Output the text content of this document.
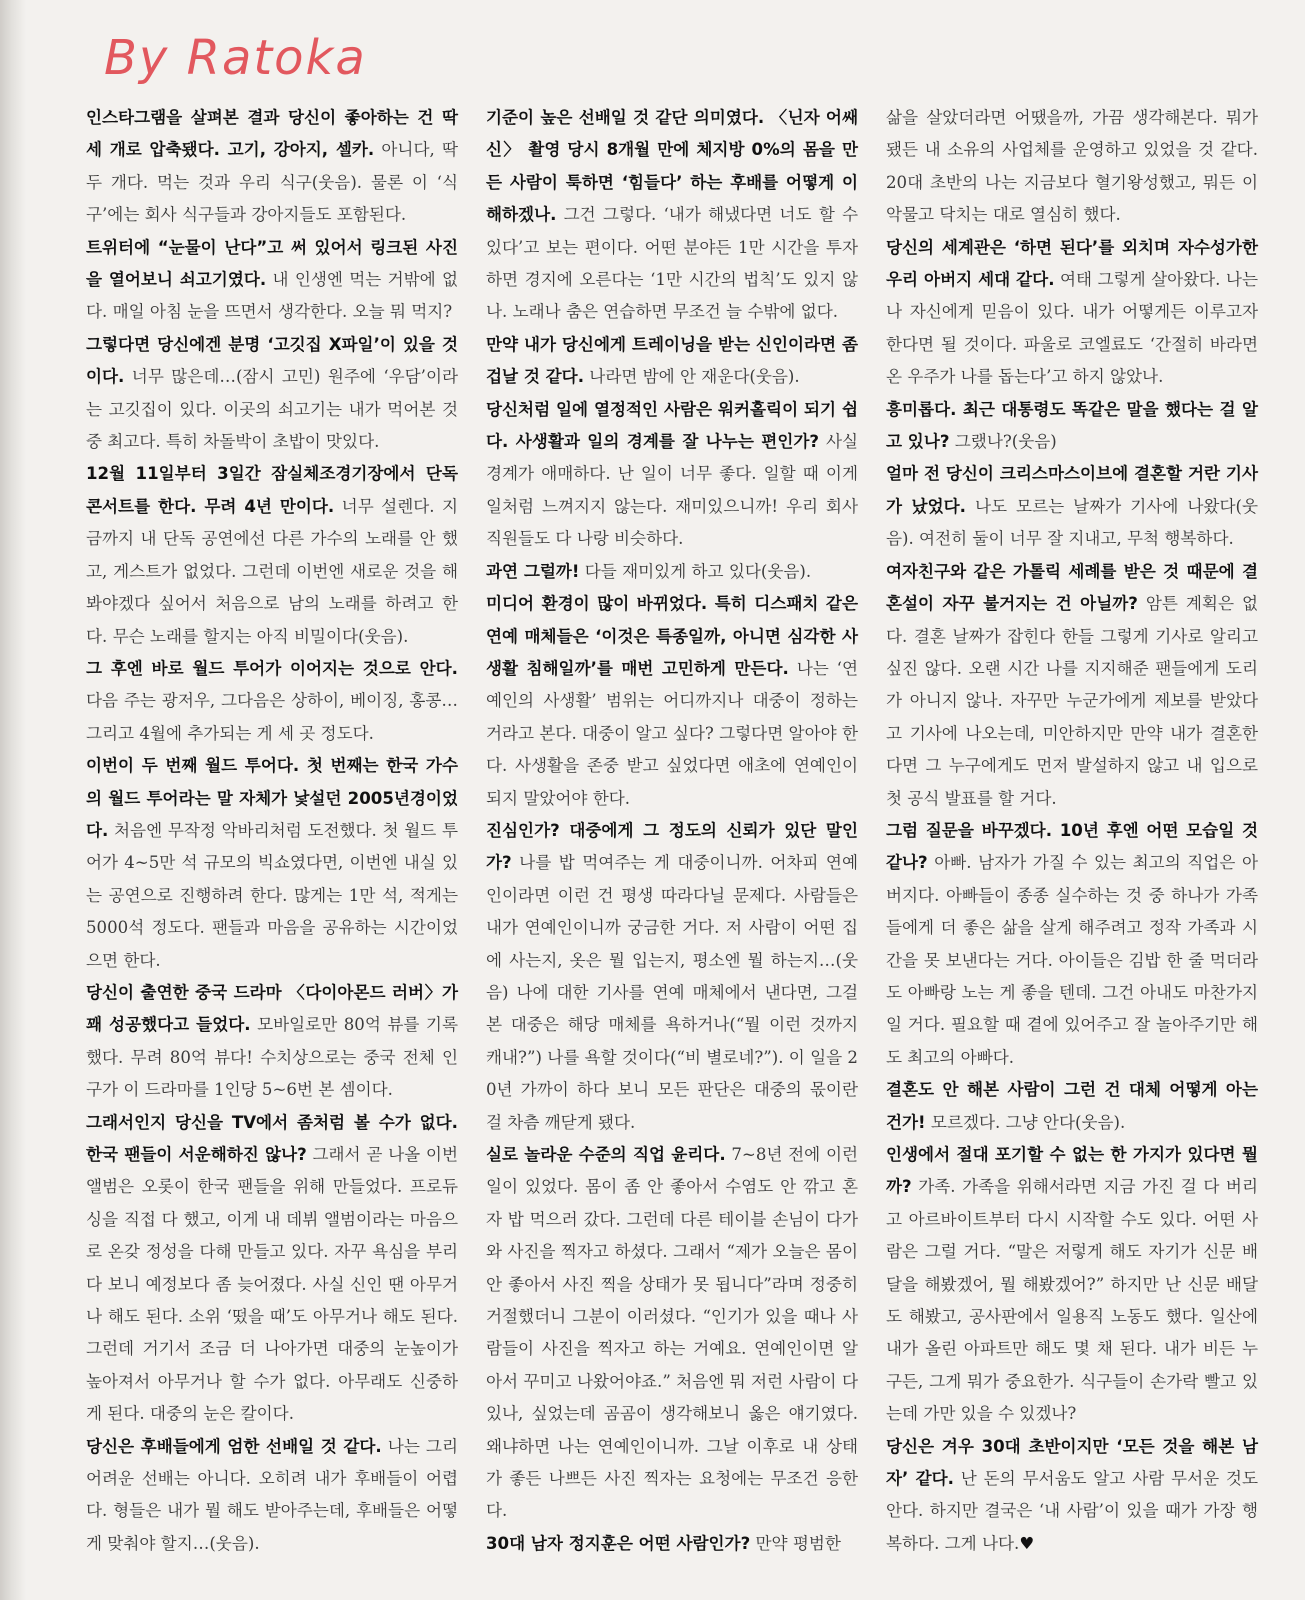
By Ratoka

인스타그램을 살펴본 결과 당신이 좋아하는 건 딱 세 개로 압축됐다. 고기, 강아지, 셀카. 아니다, 딱 두 개다. 먹는 것과 우리 식구(웃음). 물론 이 ‘식구’에는 회사 식구들과 강아지들도 포함된다.

트위터에 “눈물이 난다”고 써 있어서 링크된 사진을 열어보니 쇠고기였다. 내 인생엔 먹는 거밖에 없다. 매일 아침 눈을 뜨면서 생각한다. 오늘 뭐 먹지?

그렇다면 당신에겐 분명 ‘고깃집 X파일’이 있을 것이다. 너무 많은데…(잠시 고민) 원주에 ‘우담’이라는 고깃집이 있다. 이곳의 쇠고기는 내가 먹어본 것 중 최고다. 특히 차돌박이 초밥이 맛있다.

12월 11일부터 3일간 잠실체조경기장에서 단독 콘서트를 한다. 무려 4년 만이다. 너무 설렌다. 지금까지 내 단독 공연에선 다른 가수의 노래를 안 했고, 게스트가 없었다. 그런데 이번엔 새로운 것을 해봐야겠다 싶어서 처음으로 남의 노래를 하려고 한다. 무슨 노래를 할지는 아직 비밀이다(웃음).

그 후엔 바로 월드 투어가 이어지는 것으로 안다. 다음 주는 광저우, 그다음은 상하이, 베이징, 홍콩… 그리고 4월에 추가되는 게 세 곳 정도다.

이번이 두 번째 월드 투어다. 첫 번째는 한국 가수의 월드 투어라는 말 자체가 낯설던 2005년경이었다. 처음엔 무작정 악바리처럼 도전했다. 첫 월드 투어가 4~5만 석 규모의 빅쇼였다면, 이번엔 내실 있는 공연으로 진행하려 한다. 많게는 1만 석, 적게는 5000석 정도다. 팬들과 마음을 공유하는 시간이었으면 한다.

당신이 출연한 중국 드라마 〈다이아몬드 러버〉가 꽤 성공했다고 들었다. 모바일로만 80억 뷰를 기록했다. 무려 80억 뷰다! 수치상으로는 중국 전체 인구가 이 드라마를 1인당 5~6번 본 셈이다.

그래서인지 당신을 TV에서 좀처럼 볼 수가 없다. 한국 팬들이 서운해하진 않나? 그래서 곧 나올 이번 앨범은 오롯이 한국 팬들을 위해 만들었다. 프로듀싱을 직접 다 했고, 이게 내 데뷔 앨범이라는 마음으로 온갖 정성을 다해 만들고 있다. 자꾸 욕심을 부리다 보니 예정보다 좀 늦어졌다. 사실 신인 땐 아무거나 해도 된다. 소위 ‘떴을 때’도 아무거나 해도 된다. 그런데 거기서 조금 더 나아가면 대중의 눈높이가 높아져서 아무거나 할 수가 없다. 아무래도 신중하게 된다. 대중의 눈은 칼이다.

당신은 후배들에게 엄한 선배일 것 같다. 나는 그리 어려운 선배는 아니다. 오히려 내가 후배들이 어렵다. 형들은 내가 뭘 해도 받아주는데, 후배들은 어떻게 맞춰야 할지…(웃음).

기준이 높은 선배일 것 같단 의미였다. 〈닌자 어쌔신〉 촬영 당시 8개월 만에 체지방 0%의 몸을 만든 사람이 툭하면 ‘힘들다’ 하는 후배를 어떻게 이해하겠나. 그건 그렇다. ‘내가 해냈다면 너도 할 수 있다’고 보는 편이다. 어떤 분야든 1만 시간을 투자하면 경지에 오른다는 ‘1만 시간의 법칙’도 있지 않나. 노래나 춤은 연습하면 무조건 늘 수밖에 없다.

만약 내가 당신에게 트레이닝을 받는 신인이라면 좀 겁날 것 같다. 나라면 밤에 안 재운다(웃음).

당신처럼 일에 열정적인 사람은 워커홀릭이 되기 쉽다. 사생활과 일의 경계를 잘 나누는 편인가? 사실 경계가 애매하다. 난 일이 너무 좋다. 일할 때 이게 일처럼 느껴지지 않는다. 재미있으니까! 우리 회사 직원들도 다 나랑 비슷하다.

과연 그럴까! 다들 재미있게 하고 있다(웃음).

미디어 환경이 많이 바뀌었다. 특히 디스패치 같은 연예 매체들은 ‘이것은 특종일까, 아니면 심각한 사생활 침해일까’를 매번 고민하게 만든다. 나는 ‘연예인의 사생활’ 범위는 어디까지나 대중이 정하는 거라고 본다. 대중이 알고 싶다? 그렇다면 알아야 한다. 사생활을 존중 받고 싶었다면 애초에 연예인이 되지 말았어야 한다.

진심인가? 대중에게 그 정도의 신뢰가 있단 말인가? 나를 밥 먹여주는 게 대중이니까. 어차피 연예인이라면 이런 건 평생 따라다닐 문제다. 사람들은 내가 연예인이니까 궁금한 거다. 저 사람이 어떤 집에 사는지, 옷은 뭘 입는지, 평소엔 뭘 하는지…(웃음) 나에 대한 기사를 연예 매체에서 낸다면, 그걸 본 대중은 해당 매체를 욕하거나(“뭘 이런 것까지 캐내?”) 나를 욕할 것이다(“비 별로네?”). 이 일을 20년 가까이 하다 보니 모든 판단은 대중의 몫이란 걸 차츰 깨닫게 됐다.

실로 놀라운 수준의 직업 윤리다. 7~8년 전에 이런 일이 있었다. 몸이 좀 안 좋아서 수염도 안 깎고 혼자 밥 먹으러 갔다. 그런데 다른 테이블 손님이 다가와 사진을 찍자고 하셨다. 그래서 “제가 오늘은 몸이 안 좋아서 사진 찍을 상태가 못 됩니다”라며 정중히 거절했더니 그분이 이러셨다. “인기가 있을 때나 사람들이 사진을 찍자고 하는 거예요. 연예인이면 알아서 꾸미고 나왔어야죠.” 처음엔 뭐 저런 사람이 다 있나, 싶었는데 곰곰이 생각해보니 옳은 얘기였다. 왜냐하면 나는 연예인이니까. 그날 이후로 내 상태가 좋든 나쁘든 사진 찍자는 요청에는 무조건 응한다.

30대 남자 정지훈은 어떤 사람인가? 만약 평범한

삶을 살았더라면 어땠을까, 가끔 생각해본다. 뭐가 됐든 내 소유의 사업체를 운영하고 있었을 것 같다. 20대 초반의 나는 지금보다 혈기왕성했고, 뭐든 이 악물고 닥치는 대로 열심히 했다.

당신의 세계관은 ‘하면 된다’를 외치며 자수성가한 우리 아버지 세대 같다. 여태 그렇게 살아왔다. 나는 나 자신에게 믿음이 있다. 내가 어떻게든 이루고자 한다면 될 것이다. 파울로 코엘료도 ‘간절히 바라면 온 우주가 나를 돕는다’고 하지 않았나.

흥미롭다. 최근 대통령도 똑같은 말을 했다는 걸 알고 있나? 그랬나?(웃음)

얼마 전 당신이 크리스마스이브에 결혼할 거란 기사가 났었다. 나도 모르는 날짜가 기사에 나왔다(웃음). 여전히 둘이 너무 잘 지내고, 무척 행복하다.

여자친구와 같은 가톨릭 세례를 받은 것 때문에 결혼설이 자꾸 불거지는 건 아닐까? 암튼 계획은 없다. 결혼 날짜가 잡힌다 한들 그렇게 기사로 알리고 싶진 않다. 오랜 시간 나를 지지해준 팬들에게 도리가 아니지 않나. 자꾸만 누군가에게 제보를 받았다고 기사에 나오는데, 미안하지만 만약 내가 결혼한다면 그 누구에게도 먼저 발설하지 않고 내 입으로 첫 공식 발표를 할 거다.

그럼 질문을 바꾸겠다. 10년 후엔 어떤 모습일 것 같나? 아빠. 남자가 가질 수 있는 최고의 직업은 아버지다. 아빠들이 종종 실수하는 것 중 하나가 가족들에게 더 좋은 삶을 살게 해주려고 정작 가족과 시간을 못 보낸다는 거다. 아이들은 김밥 한 줄 먹더라도 아빠랑 노는 게 좋을 텐데. 그건 아내도 마찬가지일 거다. 필요할 때 곁에 있어주고 잘 놀아주기만 해도 최고의 아빠다.

결혼도 안 해본 사람이 그런 건 대체 어떻게 아는 건가! 모르겠다. 그냥 안다(웃음).

인생에서 절대 포기할 수 없는 한 가지가 있다면 뭘까? 가족. 가족을 위해서라면 지금 가진 걸 다 버리고 아르바이트부터 다시 시작할 수도 있다. 어떤 사람은 그럴 거다. “말은 저렇게 해도 자기가 신문 배달을 해봤겠어, 뭘 해봤겠어?” 하지만 난 신문 배달도 해봤고, 공사판에서 일용직 노동도 했다. 일산에 내가 올린 아파트만 해도 몇 채 된다. 내가 비든 누구든, 그게 뭐가 중요한가. 식구들이 손가락 빨고 있는데 가만 있을 수 있겠나?

당신은 겨우 30대 초반이지만 ‘모든 것을 해본 남자’ 같다. 난 돈의 무서움도 알고 사람 무서운 것도 안다. 하지만 결국은 ‘내 사람’이 있을 때가 가장 행복하다. 그게 나다.♥
